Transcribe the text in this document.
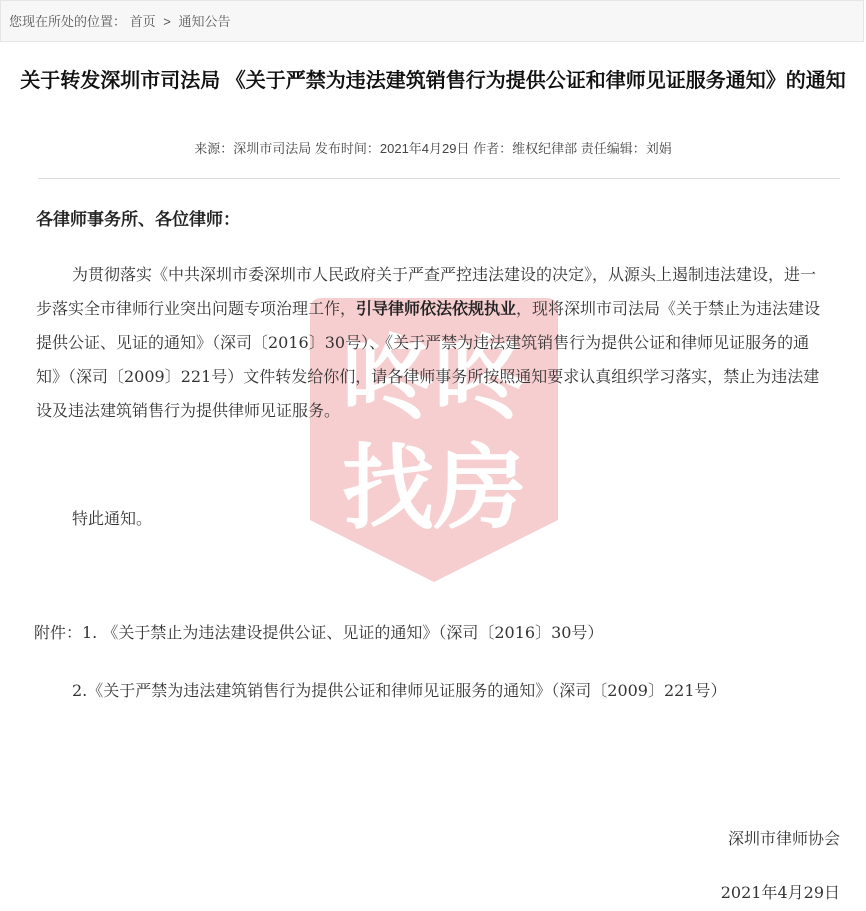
您现在所处的位置： 首页 > 通知公告
关于转发深圳市司法局 《关于严禁为违法建筑销售行为提供公证和律师见证服务通知》的通知
来源：深圳市司法局 发布时间：2021年4月29日 作者：维权纪律部 责任编辑：刘娟
咚咚
找房
各律师事务所、各位律师：
为贯彻落实《中共深圳市委深圳市人民政府关于严查严控违法建设的决定》，从源头上遏制违法建设，进一步落实全市律师行业突出问题专项治理工作，引导律师依法依规执业，现将深圳市司法局《关于禁止为违法建设提供公证、见证的通知》（深司〔2016〕30号）、《关于严禁为违法建筑销售行为提供公证和律师见证服务的通知》（深司〔2009〕221号）文件转发给你们，请各律师事务所按照通知要求认真组织学习落实，禁止为违法建设及违法建筑销售行为提供律师见证服务。
特此通知。
附件：1. 《关于禁止为违法建设提供公证、见证的通知》（深司〔2016〕30号）
2.《关于严禁为违法建筑销售行为提供公证和律师见证服务的通知》（深司〔2009〕221号）
深圳市律师协会
2021年4月29日
